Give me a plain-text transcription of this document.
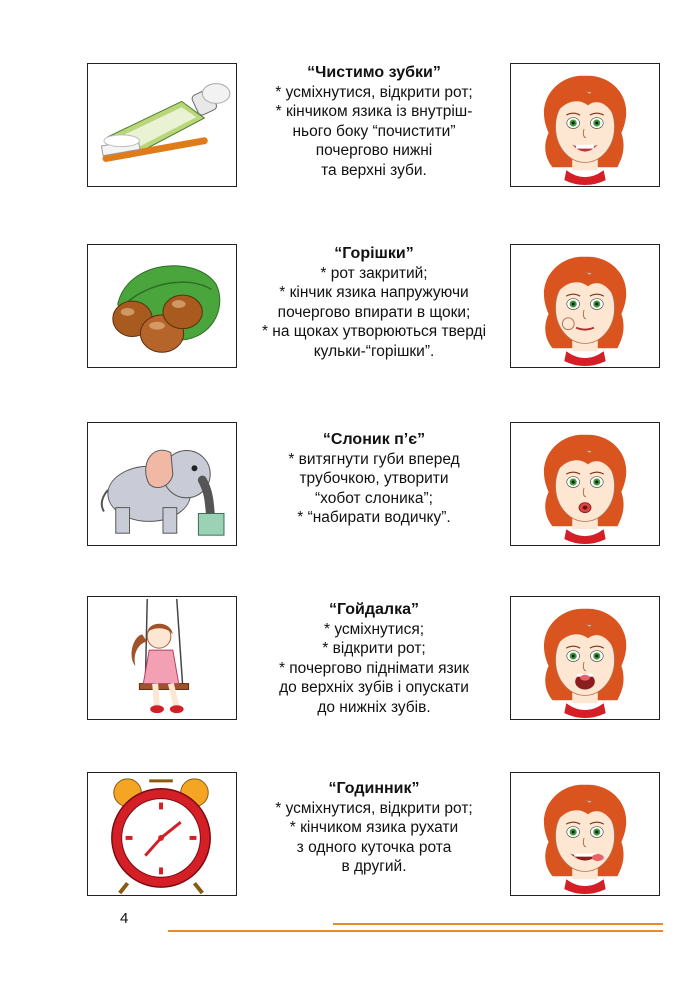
“Чистимо зубки”
* усміхнутися, відкрити рот;
* кінчиком язика із внутріш-
нього боку “почистити”
почергово нижні
та верхні зуби.
“Горішки”
* рот закритий;
* кінчик язика напружуючи
почергово впирати в щоки;
* на щоках утворюються тверді
кульки-“горішки”.
“Слоник п’є”
* витягнути губи вперед
трубочкою, утворити
“хобот слоника”;
* “набирати водичку”.
“Гойдалка”
* усміхнутися;
* відкрити рот;
* почергово піднімати язик
до верхніх зубів і опускати
до нижніх зубів.
“Годинник”
* усміхнутися, відкрити рот;
* кінчиком язика рухати
з одного куточка рота
в другий.
4
